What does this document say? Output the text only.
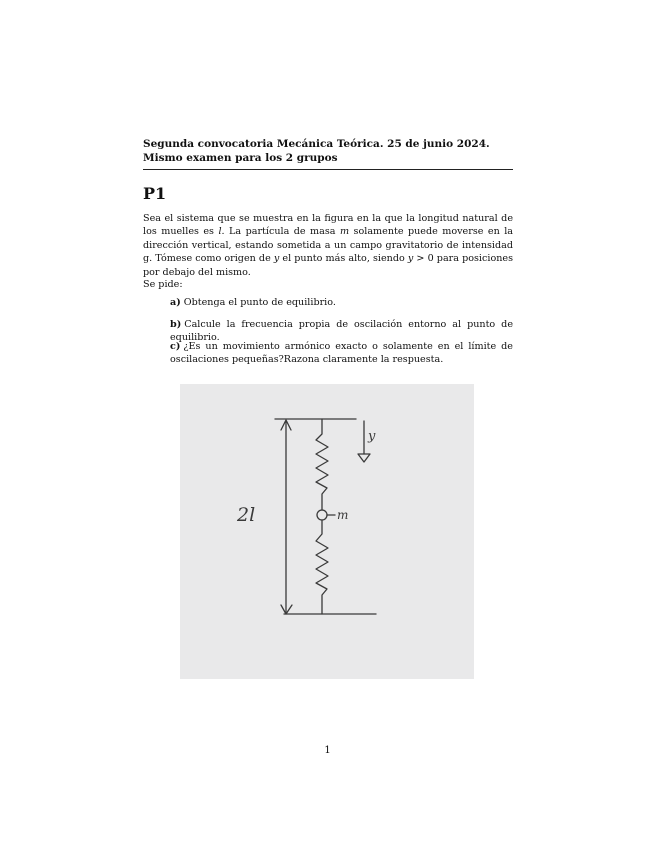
Segunda convocatoria Mecánica Teórica. 25 de junio 2024.
Mismo examen para los 2 grupos
P1
Sea el sistema que se muestra en la figura en la que la longitud natural de los muelles es l. La partícula de masa m solamente puede moverse en la dirección vertical, estando sometida a un campo gravitatorio de intensidad g. Tómese como origen de y el punto más alto, siendo y > 0 para posiciones por debajo del mismo.
Se pide:
a) Obtenga el punto de equilibrio.
b) Calcule la frecuencia propia de oscilación entorno al punto de equilibrio.
c) ¿Es un movimiento armónico exacto o solamente en el límite de oscilaciones pequeñas?Razona claramente la respuesta.
2l	m
y
1
